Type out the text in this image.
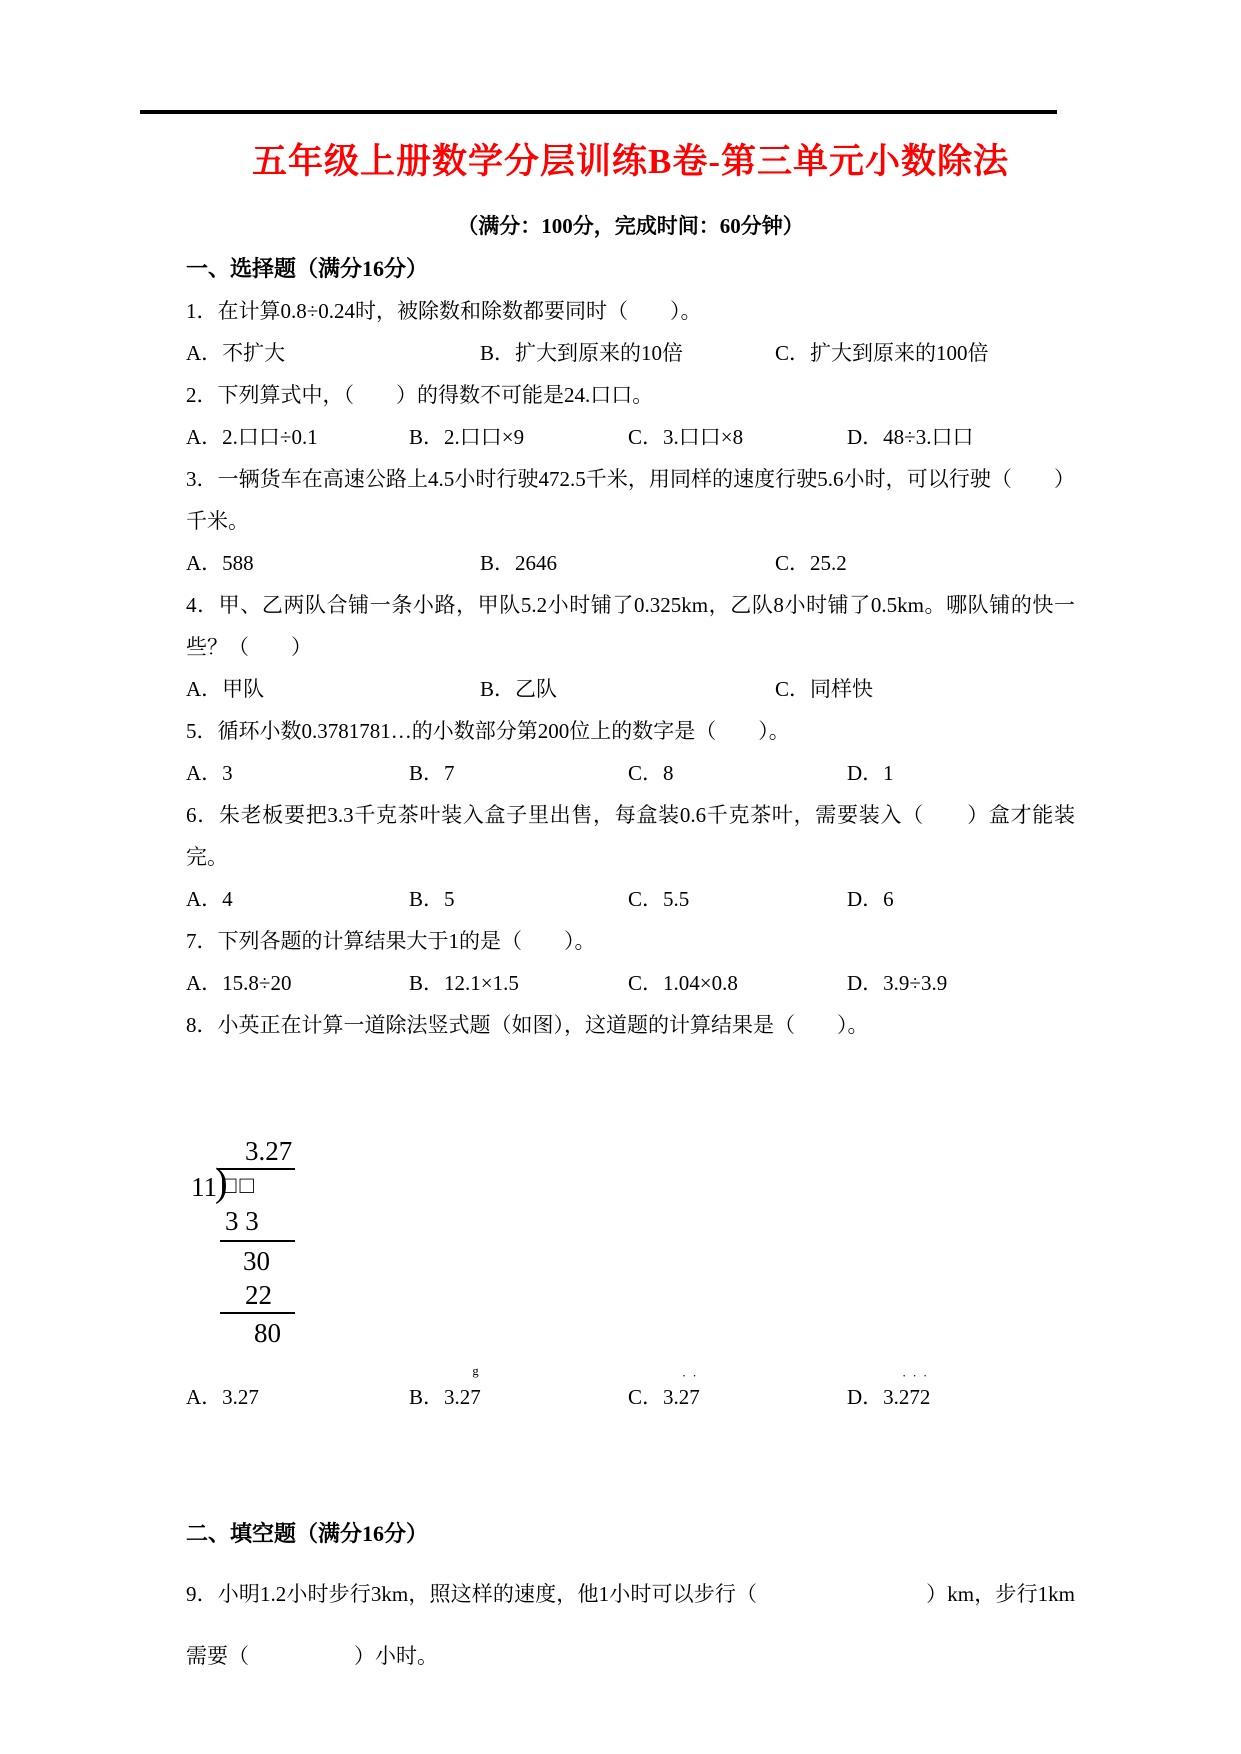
五年级上册数学分层训练B卷-第三单元小数除法
（满分：100分，完成时间：60分钟）
一、选择题（满分16分）

1．在计算0.8÷0.24时，被除数和除数都要同时（　　）。

A．不扩大	B．扩大到原来的10倍	C．扩大到原来的100倍

2．下列算式中，（　　）的得数不可能是24.口口。

A．2.口口÷0.1	B．2.口口×9	C．3.口口×8	D．48÷3.口口

3．一辆货车在高速公路上4.5小时行驶472.5千米，用同样的速度行驶5.6小时，可以行驶（　　）千米。

A．588	B．2646	C．25.2

4．甲、乙两队合铺一条小路，甲队5.2小时铺了0.325km，乙队8小时铺了0.5km。哪队铺的快一些？（　　）

A．甲队	B．乙队	C．同样快

5．循环小数0.3781781…的小数部分第200位上的数字是（　　）。

A．3	B．7	C．8	D．1

6．朱老板要把3.3千克茶叶装入盒子里出售，每盒装0.6千克茶叶，需要装入（　　）盒才能装完。

A．4	B．5	C．5.5	D．6

7．下列各题的计算结果大于1的是（　　）。

A．15.8÷20	B．12.1×1.5	C．1.04×0.8	D．3.9÷3.9

8．小英正在计算一道除法竖式题（如图），这道题的计算结果是（　　）。

3.27
11
)
□□
3 3
30
22
80
A．3.27	B．3.2
g
7	C．3.
·
2
·
7	D．3.
·
2
·
7
·
2
二、填空题（满分16分）

9．小明1.2小时步行3km，照这样的速度，他1小时可以步行（　　　　　　　　）km，步行1km需要（　　　　　）小时。
